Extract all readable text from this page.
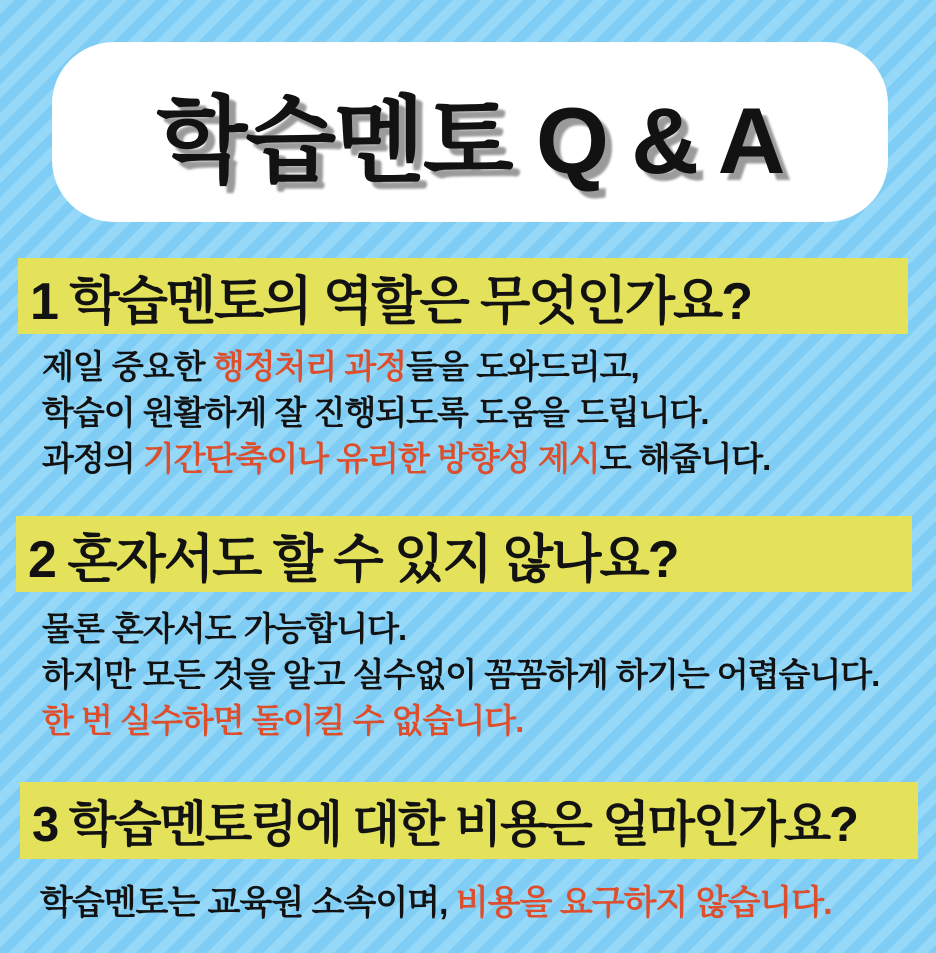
학습멘토 Q & A
1 학습멘토의 역할은 무엇인가요?

제일 중요한 행정처리 과정들을 도와드리고,

학습이 원활하게 잘 진행되도록 도움을 드립니다.

과정의 기간단축이나 유리한 방향성 제시도 해줍니다.

2 혼자서도 할 수 있지 않나요?

물론 혼자서도 가능합니다.

하지만 모든 것을 알고 실수없이 꼼꼼하게 하기는 어렵습니다.

한 번 실수하면 돌이킬 수 없습니다.

3 학습멘토링에 대한 비용은 얼마인가요?

학습멘토는 교육원 소속이며, 비용을 요구하지 않습니다.
